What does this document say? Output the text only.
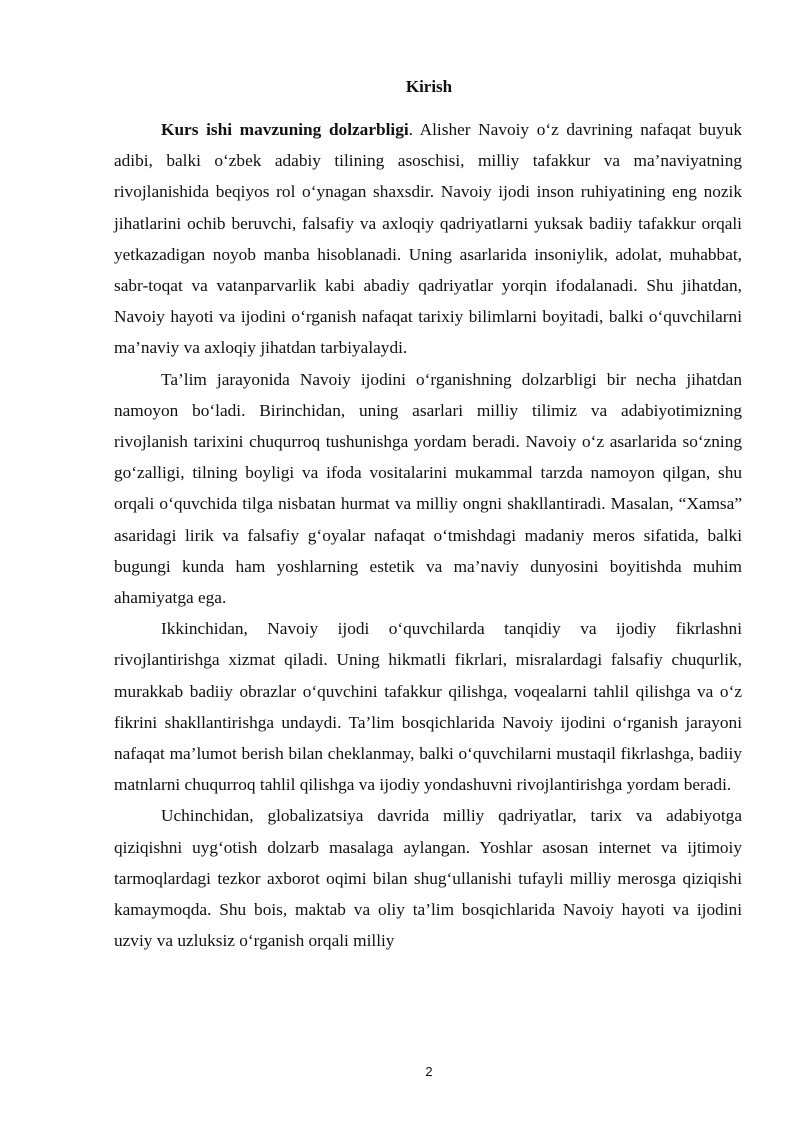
Kirish

Kurs ishi mavzuning dolzarbligi. Alisher Navoiy o‘z davrining nafaqat buyuk adibi, balki o‘zbek adabiy tilining asoschisi, milliy tafakkur va ma’naviyatning rivojlanishida beqiyos rol o‘ynagan shaxsdir. Navoiy ijodi inson ruhiyatining eng nozik jihatlarini ochib beruvchi, falsafiy va axloqiy qadriyatlarni yuksak badiiy tafakkur orqali yetkazadigan noyob manba hisoblanadi. Uning asarlarida insoniylik, adolat, muhabbat, sabr-toqat va vatanparvarlik kabi abadiy qadriyatlar yorqin ifodalanadi. Shu jihatdan, Navoiy hayoti va ijodini o‘rganish nafaqat tarixiy bilimlarni boyitadi, balki o‘quvchilarni ma’naviy va axloqiy jihatdan tarbiyalaydi.

Ta’lim jarayonida Navoiy ijodini o‘rganishning dolzarbligi bir necha jihatdan namoyon bo‘ladi. Birinchidan, uning asarlari milliy tilimiz va adabiyotimizning rivojlanish tarixini chuqurroq tushunishga yordam beradi. Navoiy o‘z asarlarida so‘zning go‘zalligi, tilning boyligi va ifoda vositalarini mukammal tarzda namoyon qilgan, shu orqali o‘quvchida tilga nisbatan hurmat va milliy ongni shakllantiradi. Masalan, “Xamsa” asaridagi lirik va falsafiy g‘oyalar nafaqat o‘tmishdagi madaniy meros sifatida, balki bugungi kunda ham yoshlarning estetik va ma’naviy dunyosini boyitishda muhim ahamiyatga ega.

Ikkinchidan, Navoiy ijodi o‘quvchilarda tanqidiy va ijodiy fikrlashni rivojlantirishga xizmat qiladi. Uning hikmatli fikrlari, misralardagi falsafiy chuqurlik, murakkab badiiy obrazlar o‘quvchini tafakkur qilishga, voqealarni tahlil qilishga va o‘z fikrini shakllantirishga undaydi. Ta’lim bosqichlarida Navoiy ijodini o‘rganish jarayoni nafaqat ma’lumot berish bilan cheklanmay, balki o‘quvchilarni mustaqil fikrlashga, badiiy matnlarni chuqurroq tahlil qilishga va ijodiy yondashuvni rivojlantirishga yordam beradi.

Uchinchidan, globalizatsiya davrida milliy qadriyatlar, tarix va adabiyotga qiziqishni uyg‘otish dolzarb masalaga aylangan. Yoshlar asosan internet va ijtimoiy tarmoqlardagi tezkor axborot oqimi bilan shug‘ullanishi tufayli milliy merosga qiziqishi kamaymoqda. Shu bois, maktab va oliy ta’lim bosqichlarida Navoiy hayoti va ijodini uzviy va uzluksiz o‘rganish orqali milliy

2
